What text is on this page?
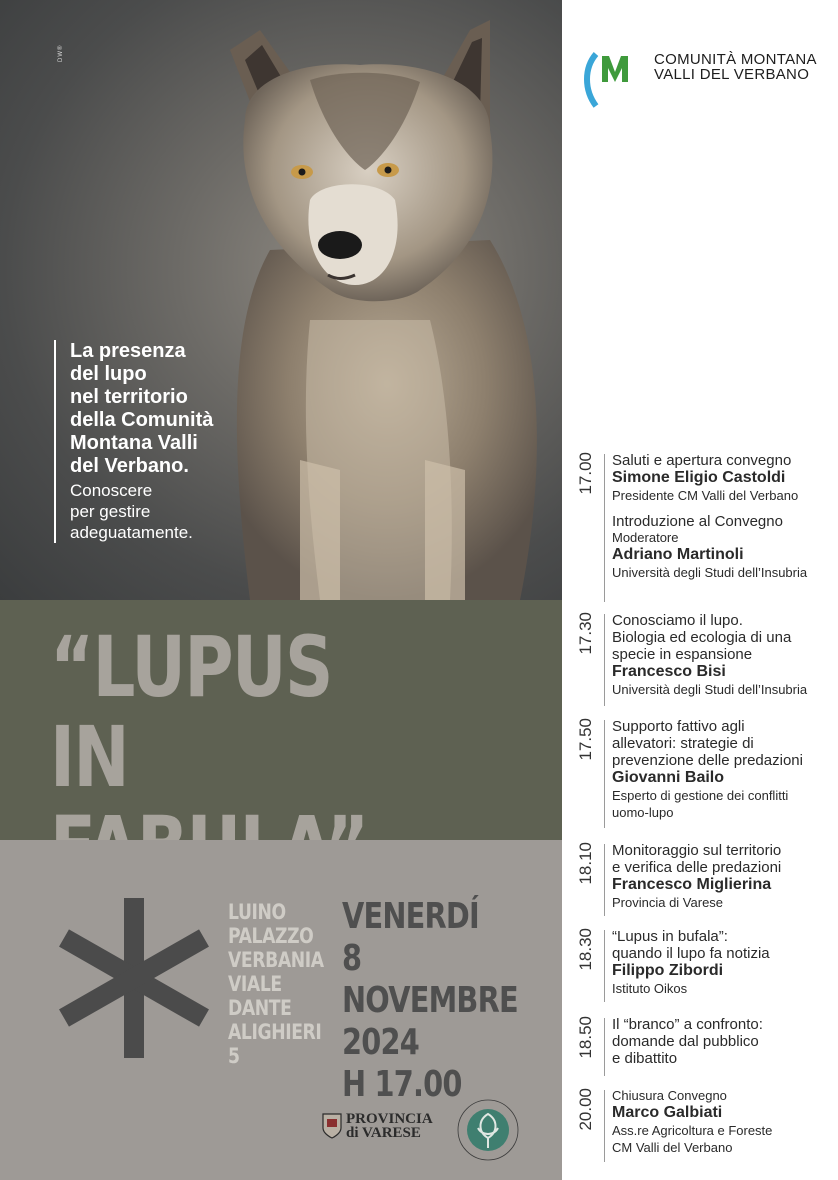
DW®
La presenza
del lupo
nel territorio
della Comunità
Montana Valli
del Verbano.
Conoscere
per gestire
adeguatamente.
“LUPUS
IN
LUINO
PALAZZO
VERBANIA
VIALE
DANTE
ALIGHIERI
5
VENERDÍ
8 NOVEMBRE
2024
H 17.00
PROVINCIA
di VARESE
COMUNITÀ MONTANA
VALLI DEL VERBANO
17.00 Saluti e apertura convegno
Simone Eligio Castoldi
Presidente CM Valli del Verbano
Introduzione al Convegno
Moderatore
Adriano Martinoli
Università degli Studi dell’Insubria
17.30 Conosciamo il lupo.
Biologia ed ecologia di una
specie in espansione
Francesco Bisi
Università degli Studi dell’Insubria
17.50 Supporto fattivo agli
allevatori: strategie di
prevenzione delle predazioni
Giovanni Bailo
Esperto di gestione dei conflitti
uomo-lupo
18.10 Monitoraggio sul territorio
e verifica delle predazioni
Francesco Miglierina
Provincia di Varese
18.30 “Lupus in bufala”:
quando il lupo fa notizia
Filippo Zibordi
Istituto Oikos
18.50 Il “branco” a confronto:
domande dal pubblico
e dibattito
20.00 Chiusura Convegno
Marco Galbiati
Ass.re Agricoltura e Foreste
CM Valli del Verbano
